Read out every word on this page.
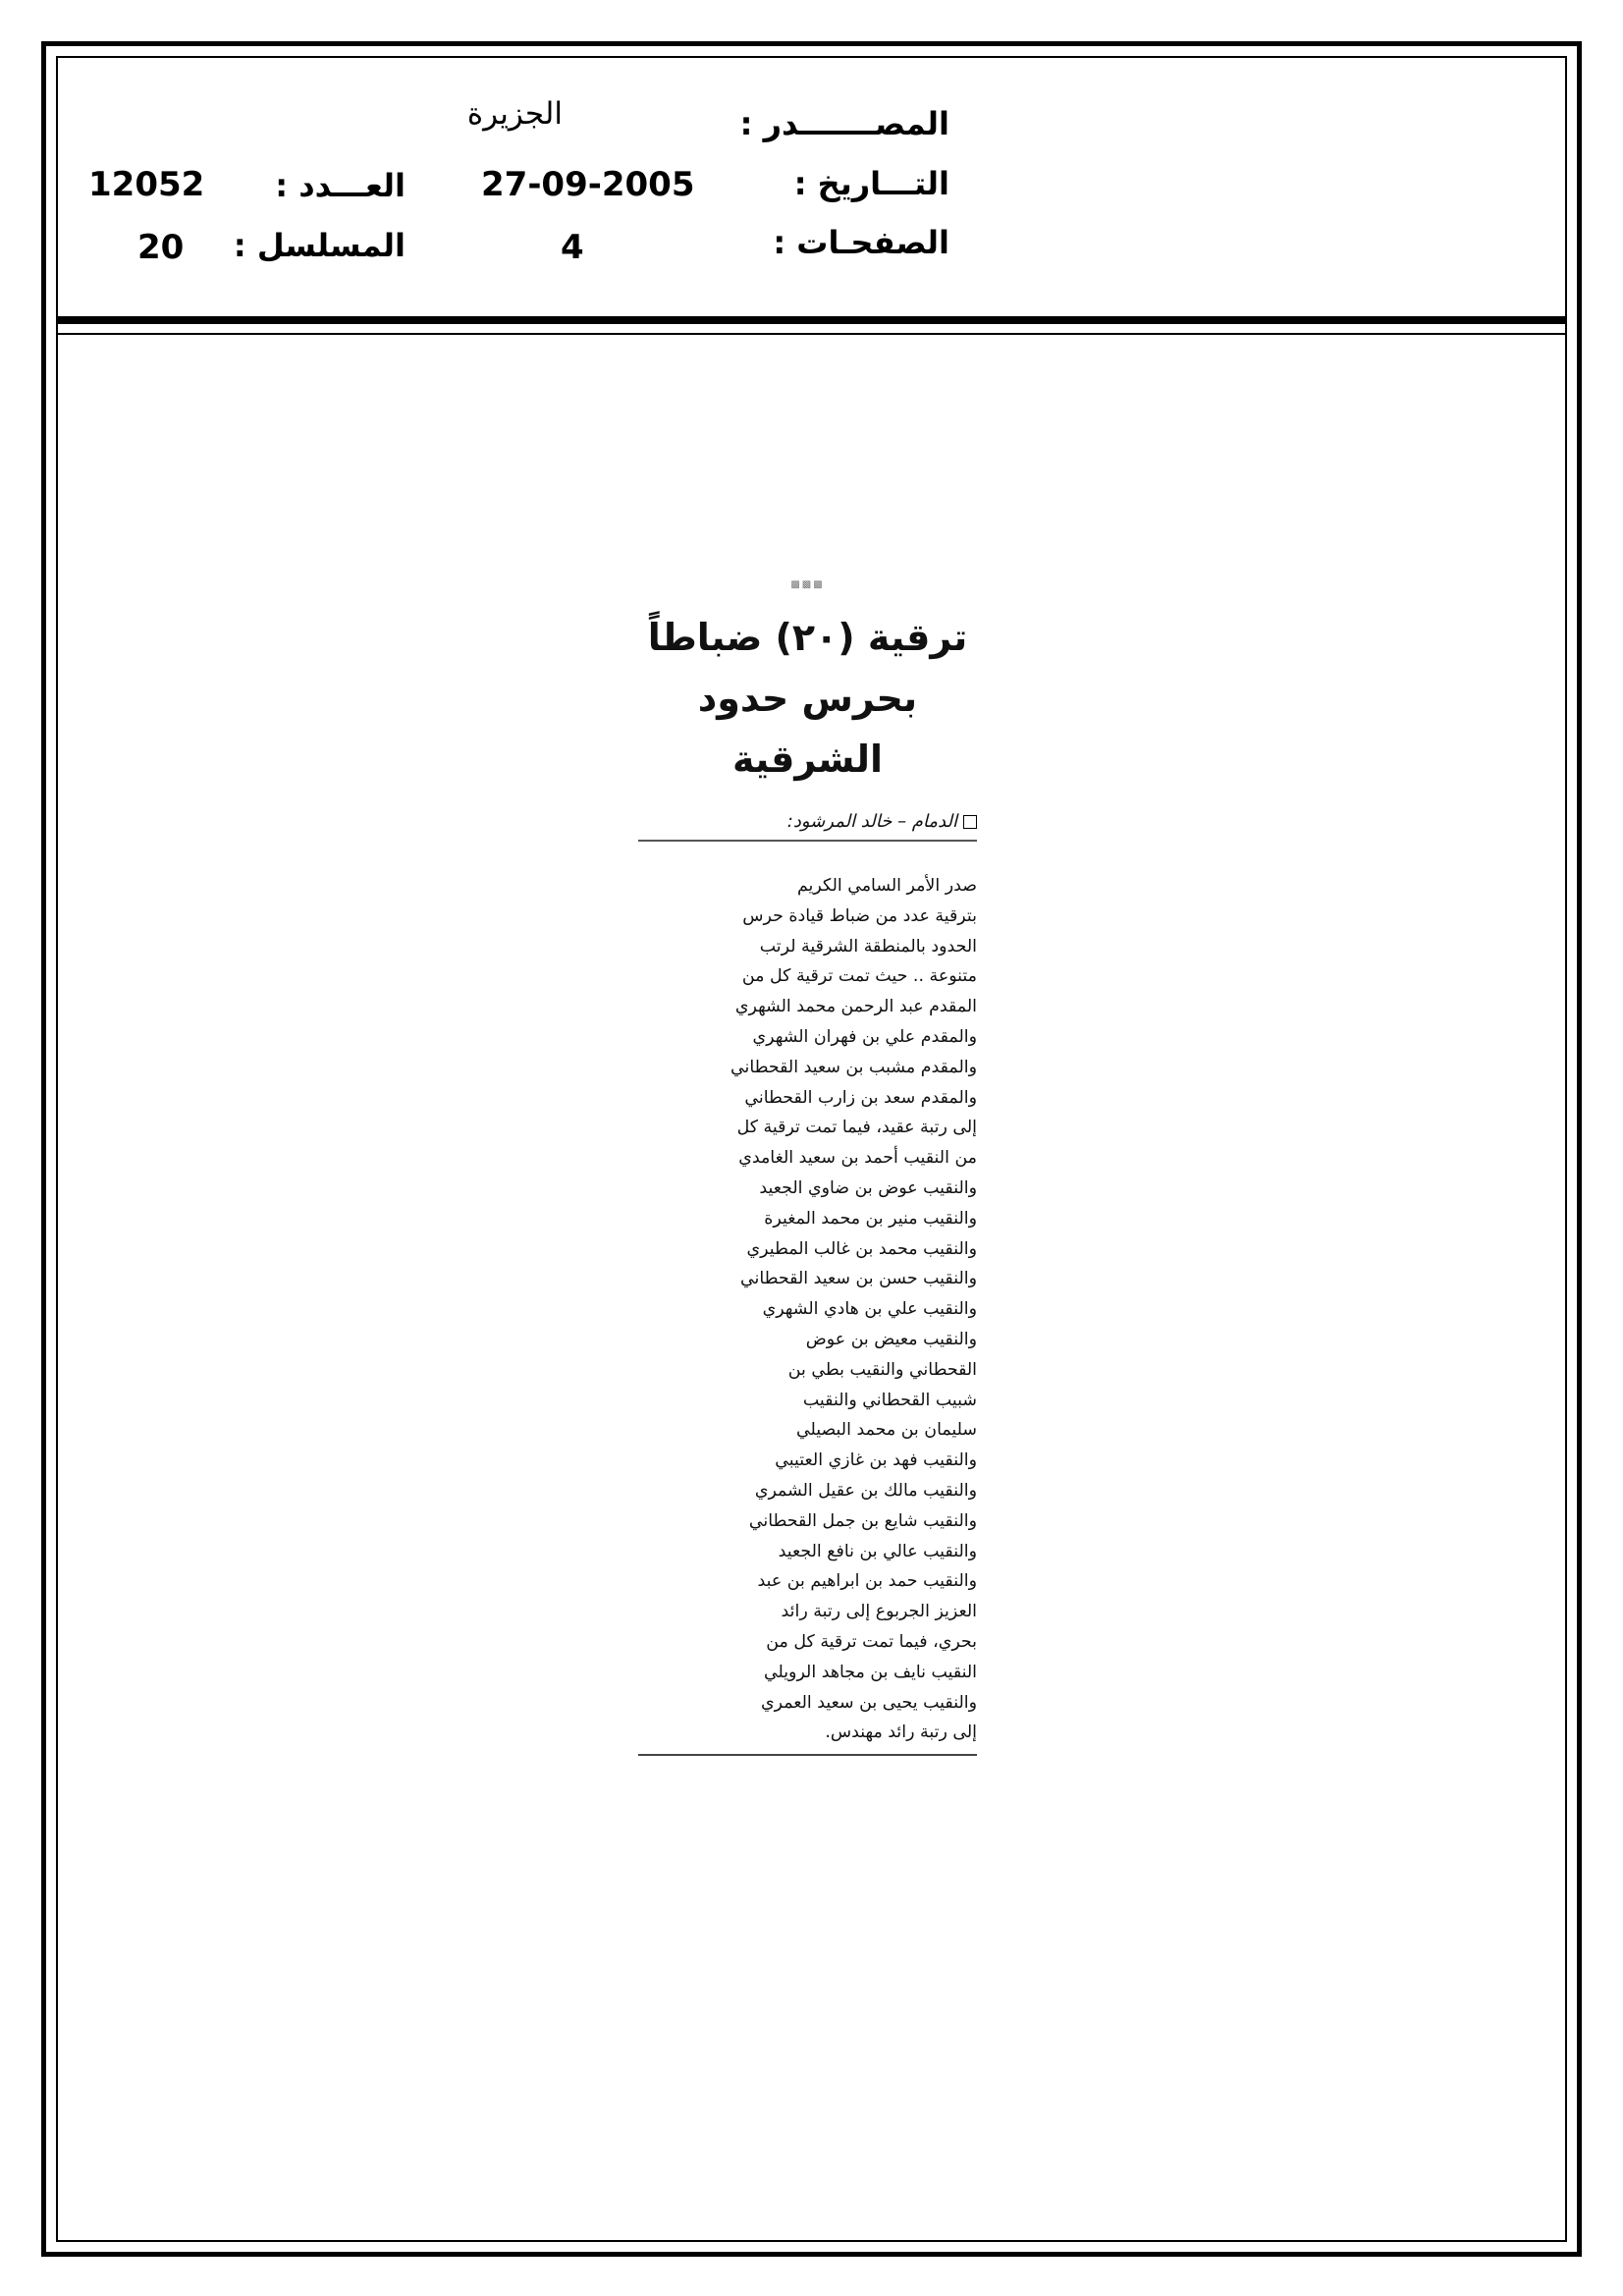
المصـــــــدر :
الجزيرة
التـــاريخ :
27-09-2005
العـــدد :
12052
الصفحـات :
4
المسلسل :
20
▩▩▩
ترقية (٢٠) ضباطاً
بحرس حدود الشرقية
الدمام – خالد المرشود:
صدر الأمر السامي الكريم
بترقية عدد من ضباط قيادة حرس
الحدود بالمنطقة الشرقية لرتب
متنوعة .. حيث تمت ترقية كل من
المقدم عبد الرحمن محمد الشهري
والمقدم علي بن فهران الشهري
والمقدم مشبب بن سعيد القحطاني
والمقدم سعد بن زارب القحطاني
إلى رتبة عقيد، فيما تمت ترقية كل
من النقيب أحمد بن سعيد الغامدي
والنقيب عوض بن ضاوي الجعيد
والنقيب منير بن محمد المغيرة
والنقيب محمد بن غالب المطيري
والنقيب حسن بن سعيد القحطاني
والنقيب علي بن هادي الشهري
والنقيب معيض بن عوض
القحطاني والنقيب بطي بن
شبيب القحطاني والنقيب
سليمان بن محمد البصيلي
والنقيب فهد بن غازي العتيبي
والنقيب مالك بن عقيل الشمري
والنقيب شايع بن جمل القحطاني
والنقيب عالي بن نافع الجعيد
والنقيب حمد بن ابراهيم بن عبد
العزيز الجربوع إلى رتبة رائد
بحري، فيما تمت ترقية كل من
النقيب نايف بن مجاهد الرويلي
والنقيب يحيى بن سعيد العمري
إلى رتبة رائد مهندس.
